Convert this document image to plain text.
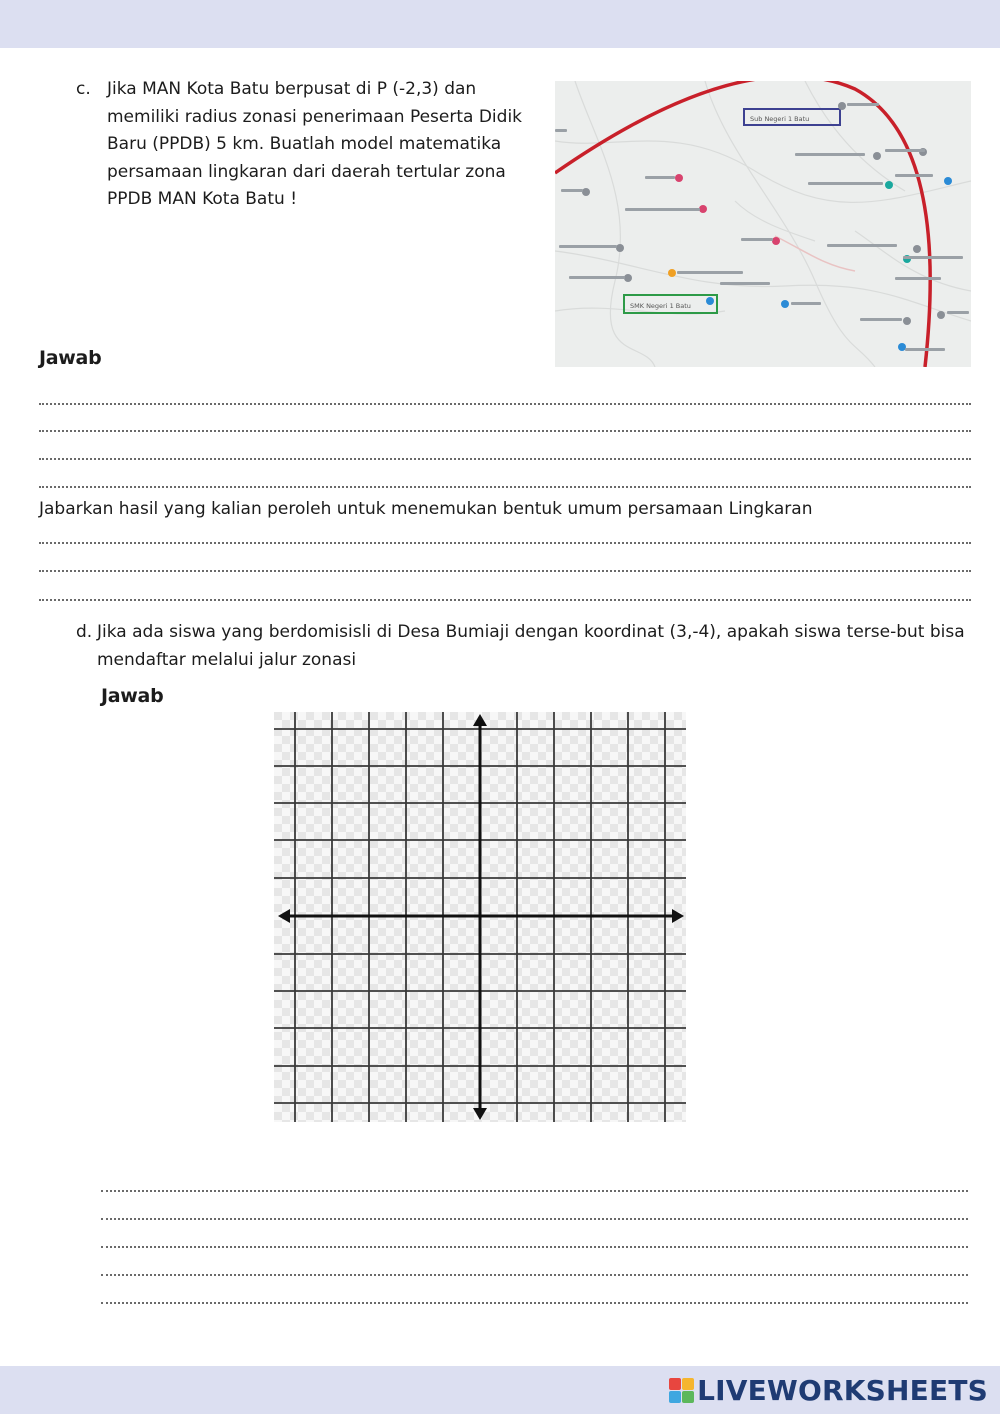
c. Jika MAN Kota Batu berpusat di P (-2,3) dan memiliki radius zonasi penerimaan Peserta Didik Baru (PPDB) 5 km. Buatlah model matematika persamaan lingkaran dari daerah tertular zona PPDB MAN Kota Batu !
Sub Negeri 1 Batu
SMK Negeri 1 Batu
Jawab
Jabarkan hasil yang kalian peroleh untuk menemukan bentuk umum persamaan Lingkaran
d. Jika ada siswa yang berdomisisli di Desa Bumiaji dengan koordinat (3,-4), apakah siswa terse-but bisa mendaftar melalui jalur zonasi
Jawab
LIVEWORKSHEETS
